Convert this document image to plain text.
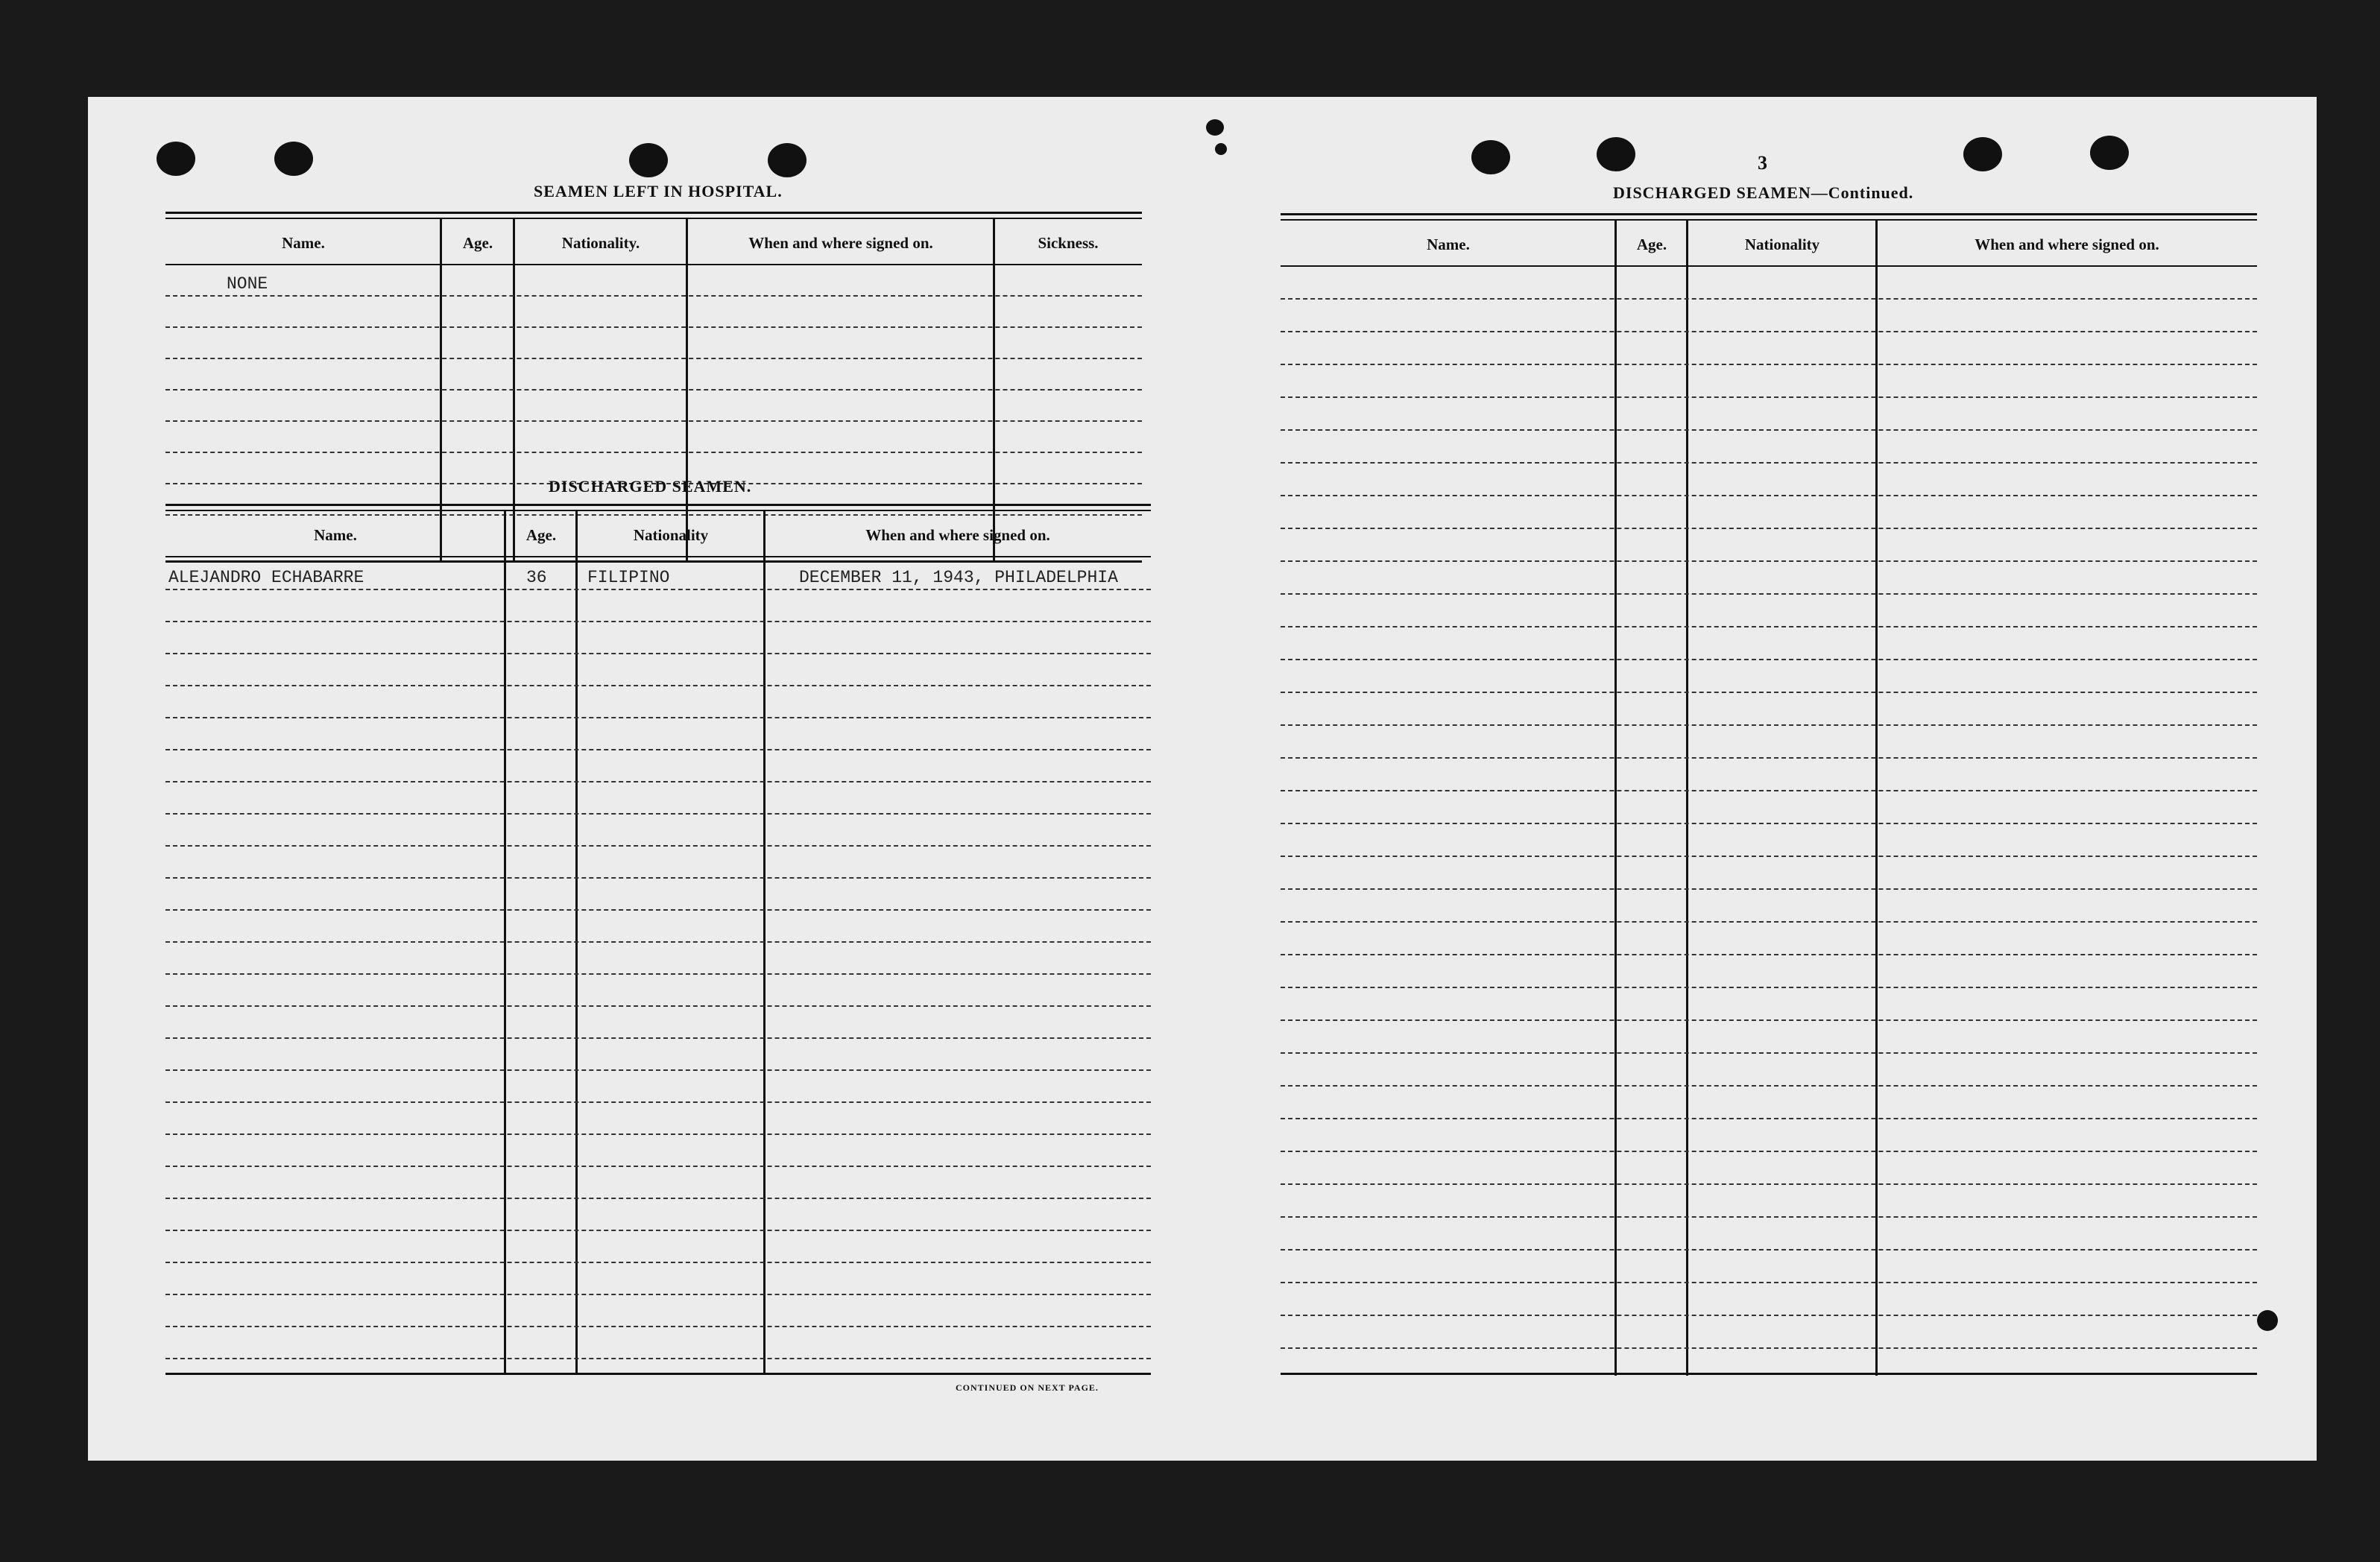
SEAMEN LEFT IN HOSPITAL.
Name.	Age.	Nationality.	When and where signed on.	Sickness.
NONE
DISCHARGED SEAMEN.
Name.	Age.	Nationality	When and where signed on.
ALEJANDRO ECHABARRE	36 FILIPINO	DECEMBER 11, 1943, PHILADELPHIA
CONTINUED ON NEXT PAGE.
3
DISCHARGED SEAMEN—Continued.
Name.	Age.	Nationality	When and where signed on.
